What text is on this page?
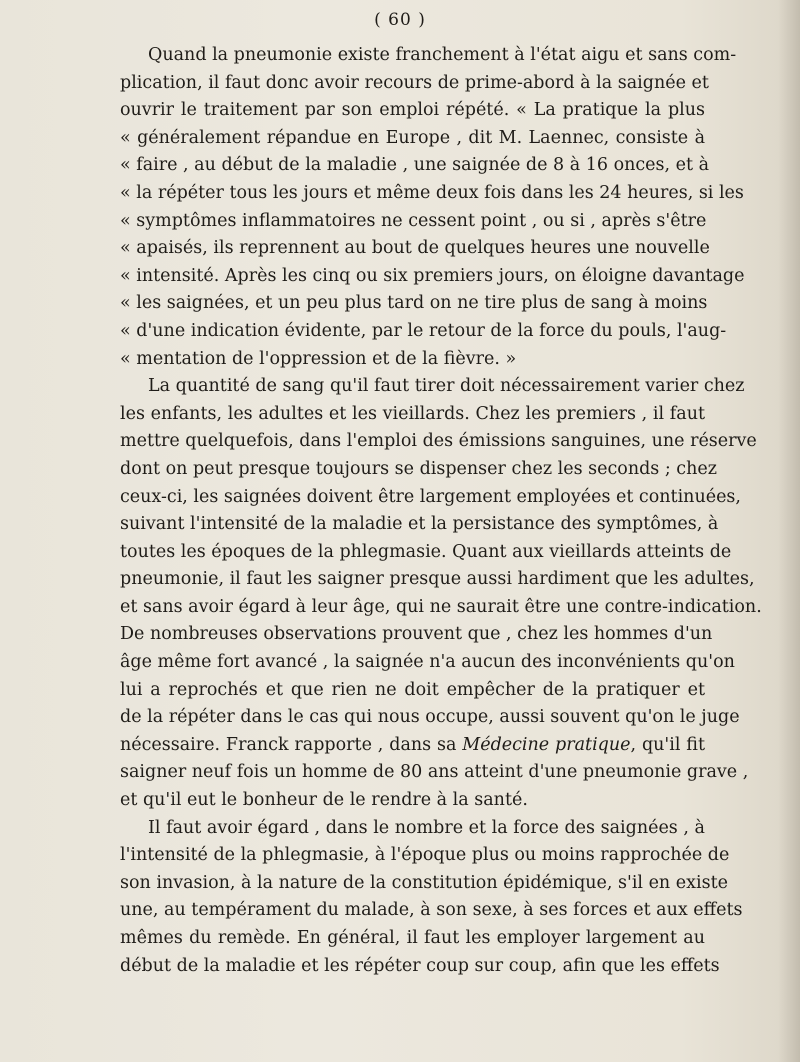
( 60 )
Quand la pneumonie existe franchement à l'état aigu et sans com-
plication, il faut donc avoir recours de prime-abord à la saignée et
ouvrir le traitement par son emploi répété. « La pratique la plus
« généralement répandue en Europe , dit M. Laennec, consiste à
« faire , au début de la maladie , une saignée de 8 à 16 onces, et à
« la répéter tous les jours et même deux fois dans les 24 heures, si les
« symptômes inflammatoires ne cessent point , ou si , après s'être
« apaisés, ils reprennent au bout de quelques heures une nouvelle
« intensité. Après les cinq ou six premiers jours, on éloigne davantage
« les saignées, et un peu plus tard on ne tire plus de sang à moins
« d'une indication évidente, par le retour de la force du pouls, l'aug-
« mentation de l'oppression et de la fièvre. »
La quantité de sang qu'il faut tirer doit nécessairement varier chez
les enfants, les adultes et les vieillards. Chez les premiers , il faut
mettre quelquefois, dans l'emploi des émissions sanguines, une réserve
dont on peut presque toujours se dispenser chez les seconds ; chez
ceux-ci, les saignées doivent être largement employées et continuées,
suivant l'intensité de la maladie et la persistance des symptômes, à
toutes les époques de la phlegmasie. Quant aux vieillards atteints de
pneumonie, il faut les saigner presque aussi hardiment que les adultes,
et sans avoir égard à leur âge, qui ne saurait être une contre-indication.
De nombreuses observations prouvent que , chez les hommes d'un
âge même fort avancé , la saignée n'a aucun des inconvénients qu'on
lui a reprochés et que rien ne doit empêcher de la pratiquer et
de la répéter dans le cas qui nous occupe, aussi souvent qu'on le juge
nécessaire. Franck rapporte , dans sa Médecine pratique, qu'il fit
saigner neuf fois un homme de 80 ans atteint d'une pneumonie grave ,
et qu'il eut le bonheur de le rendre à la santé.
Il faut avoir égard , dans le nombre et la force des saignées , à
l'intensité de la phlegmasie, à l'époque plus ou moins rapprochée de
son invasion, à la nature de la constitution épidémique, s'il en existe
une, au tempérament du malade, à son sexe, à ses forces et aux effets
mêmes du remède. En général, il faut les employer largement au
début de la maladie et les répéter coup sur coup, afin que les effets
